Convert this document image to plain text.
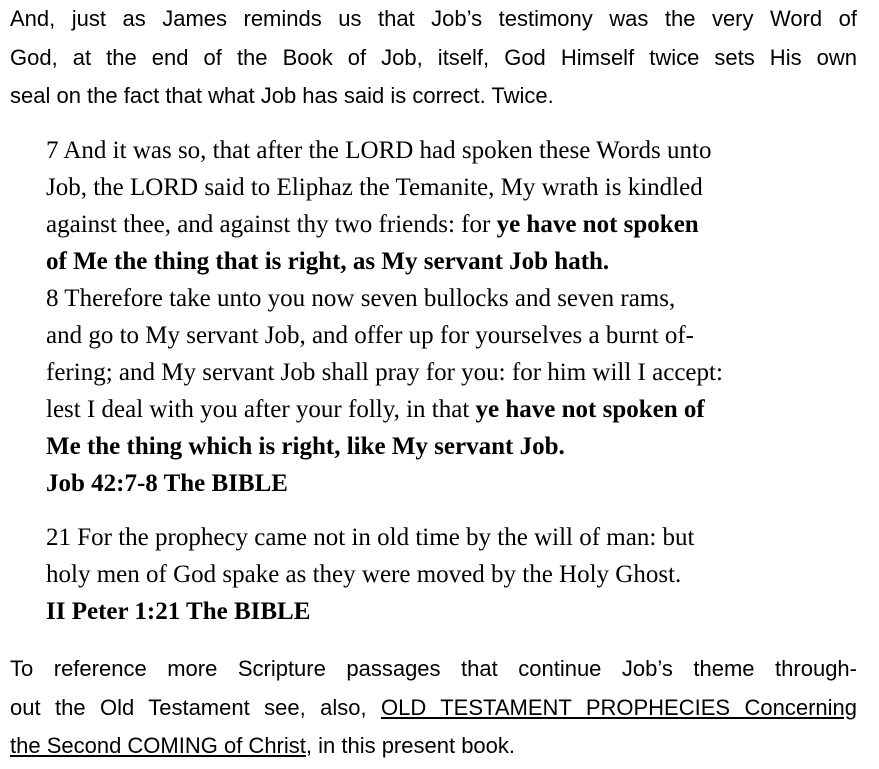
And, just as James reminds us that Job’s testimony was the very Word of
God, at the end of the Book of Job, itself, God Himself twice sets His own
seal on the fact that what Job has said is correct. Twice.
7 And it was so, that after the LORD had spoken these Words unto
Job, the LORD said to Eliphaz the Temanite, My wrath is kindled
against thee, and against thy two friends: for ye have not spoken
of Me the thing that is right, as My servant Job hath.
8 Therefore take unto you now seven bullocks and seven rams,
and go to My servant Job, and offer up for yourselves a burnt of-
fering; and My servant Job shall pray for you: for him will I accept:
lest I deal with you after your folly, in that ye have not spoken of
Me the thing which is right, like My servant Job.
Job 42:7-8 The BIBLE
21 For the prophecy came not in old time by the will of man: but
holy men of God spake as they were moved by the Holy Ghost.
II Peter 1:21 The BIBLE
To reference more Scripture passages that continue Job’s theme through-
out the Old Testament see, also, OLD TESTAMENT PROPHECIES Concerning
the Second COMING of Christ, in this present book.
